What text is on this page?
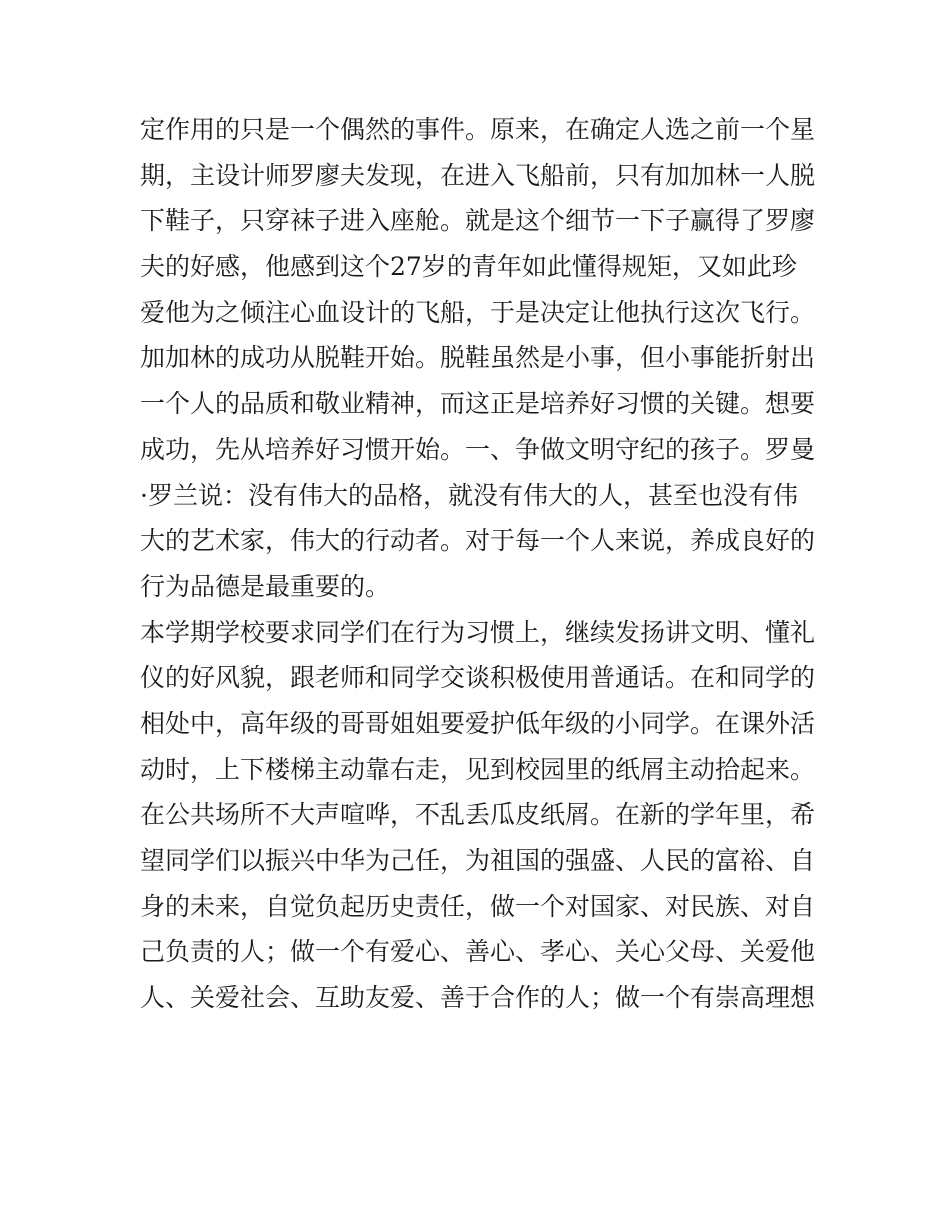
定作用的只是一个偶然的事件。原来，在确定人选之前一个星
期，主设计师罗廖夫发现，在进入飞船前，只有加加林一人脱
下鞋子，只穿袜子进入座舱。就是这个细节一下子赢得了罗廖
夫的好感，他感到这个27岁的青年如此懂得规矩，又如此珍
爱他为之倾注心血设计的飞船，于是决定让他执行这次飞行。
加加林的成功从脱鞋开始。脱鞋虽然是小事，但小事能折射出
一个人的品质和敬业精神，而这正是培养好习惯的关键。想要
成功，先从培养好习惯开始。一、争做文明守纪的孩子。罗曼
·罗兰说：没有伟大的品格，就没有伟大的人，甚至也没有伟
大的艺术家，伟大的行动者。对于每一个人来说，养成良好的
行为品德是最重要的。
本学期学校要求同学们在行为习惯上，继续发扬讲文明、懂礼
仪的好风貌，跟老师和同学交谈积极使用普通话。在和同学的
相处中，高年级的哥哥姐姐要爱护低年级的小同学。在课外活
动时，上下楼梯主动靠右走，见到校园里的纸屑主动拾起来。
在公共场所不大声喧哗，不乱丢瓜皮纸屑。在新的学年里，希
望同学们以振兴中华为己任，为祖国的强盛、人民的富裕、自
身的未来，自觉负起历史责任，做一个对国家、对民族、对自
己负责的人；做一个有爱心、善心、孝心、关心父母、关爱他
人、关爱社会、互助友爱、善于合作的人；做一个有崇高理想
